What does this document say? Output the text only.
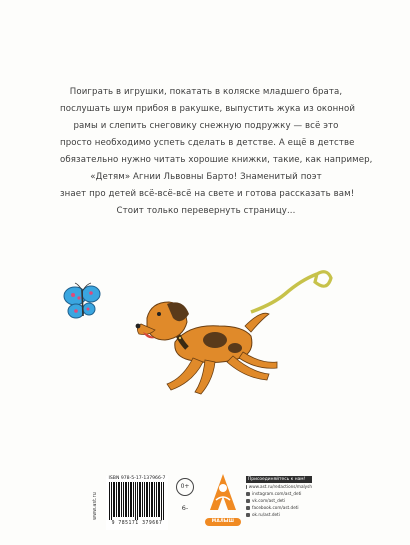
Поиграть в игрушки, покатать в коляске младшего брата,
послушать шум прибоя в ракушке, выпустить жука из оконной
рамы и слепить снеговику снежную подружку — всё это
просто необходимо успеть сделать в детстве. А ещё в детстве
обязательно нужно читать хорошие книжки, такие, как например,
«Детям» Агнии Львовны Барто! Знаменитый поэт
знает про детей всё-всё-всё на свете и готова рассказать вам!
Стоит только перевернуть страницу...
www.ast.ru
ISBN 978-5-17-137966-7
9 785171 379667
0+
6-
МАЛЫШ
Присоединяйтесь к нам!
www.ast.ru/redactions/malysh
instagram.com/ast_deti
vk.com/ast_deti
facebook.com/ast.deti
ok.ru/ast.deti
